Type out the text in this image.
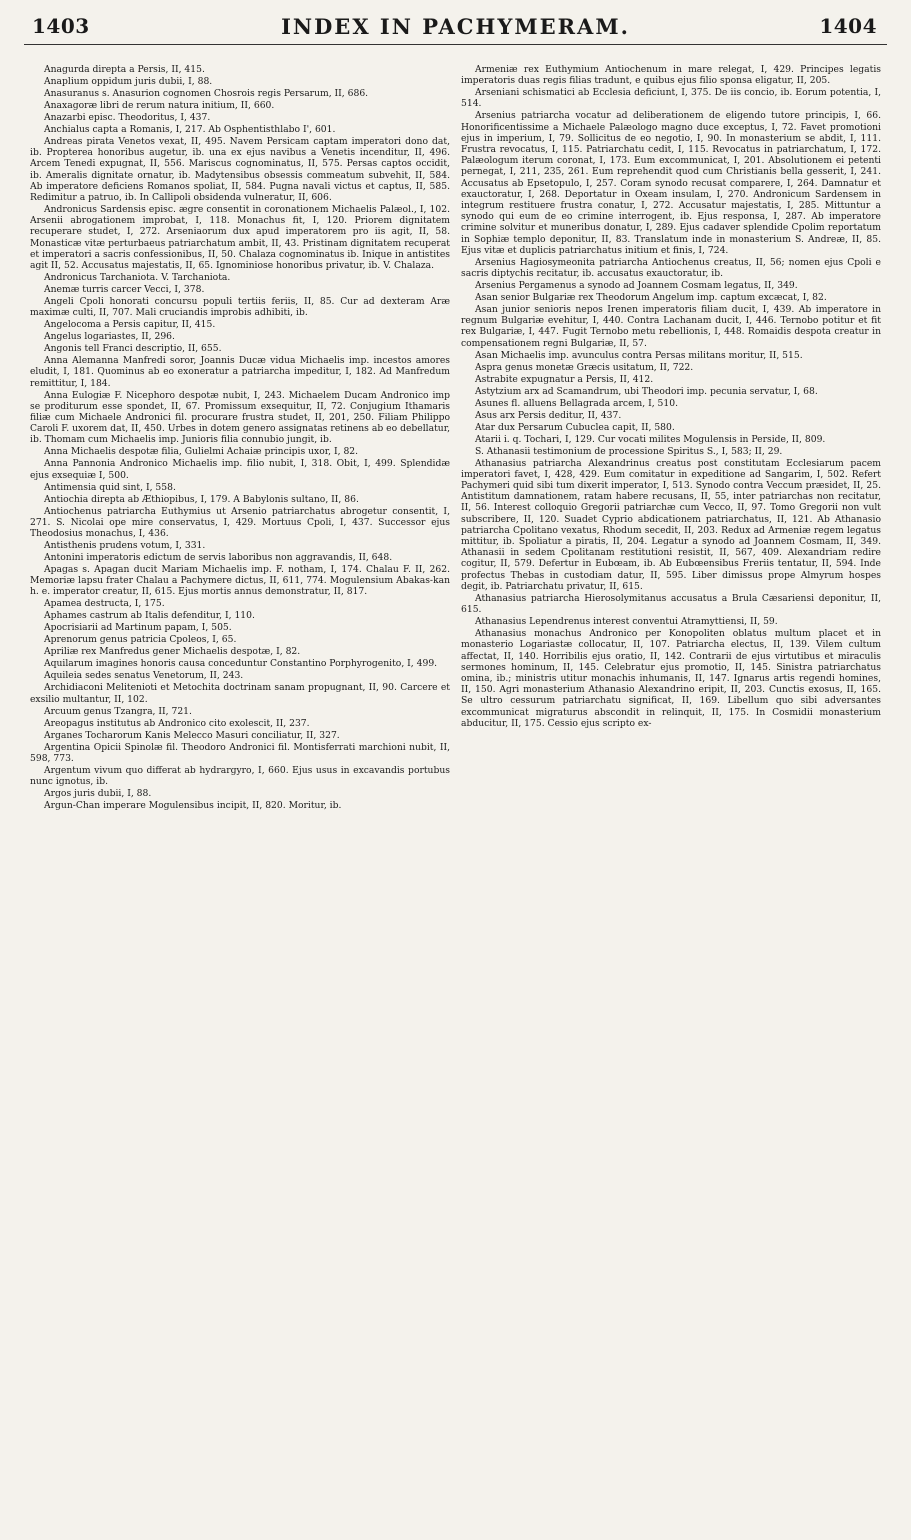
1403	INDEX IN PACHYMERAM.	1404

Anagurda direpta a Persis, II, 415.

Anaplium oppidum juris dubii, I, 88.

Anasuranus s. Anasurion cognomen Chosrois regis Persarum, II, 686.

Anaxagoræ libri de rerum natura initium, II, 660.

Anazarbi episc. Theodoritus, I, 437.

Anchialus capta a Romanis, I, 217. Ab Osphentisthlabo I', 601.

Andreas pirata Venetos vexat, II, 495. Navem Persicam captam imperatori dono dat, ib. Propterea honoribus augetur, ib. una ex ejus navibus a Venetis incenditur, II, 496. Arcem Tenedi expugnat, II, 556. Mariscus cognominatus, II, 575. Persas captos occidit, ib. Ameralis dignitate ornatur, ib. Madytensibus obsessis commeatum subvehit, II, 584. Ab imperatore deficiens Romanos spoliat, II, 584. Pugna navali victus et captus, II, 585. Redimitur a patruo, ib. In Callipoli obsidenda vulneratur, II, 606.

Andronicus Sardensis episc. ægre consentit in coronationem Michaelis Palæol., I, 102. Arsenii abrogationem improbat, I, 118. Monachus fit, I, 120. Priorem dignitatem recuperare studet, I, 272. Arseniaorum dux apud imperatorem pro iis agit, II, 58. Monasticæ vitæ perturbaeus patriarchatum ambit, II, 43. Pristinam dignitatem recuperat et imperatori a sacris confessionibus, II, 50. Chalaza cognominatus ib. Inique in antistites agit II, 52. Accusatus majestatis, II, 65. Ignominiose honoribus privatur, ib. V. Chalaza.

Andronicus Tarchaniota. V. Tarchaniota.

Anemæ turris carcer Vecci, I, 378.

Angeli Cpoli honorati concursu populi tertiis feriis, II, 85. Cur ad dexteram Aræ maximæ culti, II, 707. Mali cruciandis improbis adhibiti, ib.

Angelocoma a Persis capitur, II, 415.

Angelus logariastes, II, 296.

Angonis tell Franci descriptio, II, 655.

Anna Alemanna Manfredi soror, Joannis Ducæ vidua Michaelis imp. incestos amores eludit, I, 181. Quominus ab eo exoneratur a patriarcha impeditur, I, 182. Ad Manfredum remittitur, I, 184.

Anna Eulogiæ F. Nicephoro despotæ nubit, I, 243. Michaelem Ducam Andronico imp se proditurum esse spondet, II, 67. Promissum exsequitur, II, 72. Conjugium Ithamaris filiæ cum Michaele Andronici fil. procurare frustra studet, II, 201, 250. Filiam Philippo Caroli F. uxorem dat, II, 450. Urbes in dotem genero assignatas retinens ab eo debellatur, ib. Thomam cum Michaelis imp. Junioris filia connubio jungit, ib.

Anna Michaelis despotæ filia, Gulielmi Achaiæ principis uxor, I, 82.

Anna Pannonia Andronico Michaelis imp. filio nubit, I, 318. Obit, I, 499. Splendidæ ejus exsequiæ I, 500.

Antimensia quid sint, I, 558.

Antiochia direpta ab Æthiopibus, I, 179. A Babylonis sultano, II, 86.

Antiochenus patriarcha Euthymius ut Arsenio patriarchatus abrogetur consentit, I, 271. S. Nicolai ope mire conservatus, I, 429. Mortuus Cpoli, I, 437. Successor ejus Theodosius monachus, I, 436.

Antisthenis prudens votum, I, 331.

Antonini imperatoris edictum de servis laboribus non aggravandis, II, 648.

Apagas s. Apagan ducit Mariam Michaelis imp. F. notham, I, 174. Chalau F. II, 262. Memoriæ lapsu frater Chalau a Pachymere dictus, II, 611, 774. Mogulensium Abakas-kan h. e. imperator creatur, II, 615. Ejus mortis annus demonstratur, II, 817.

Apamea destructa, I, 175.

Aphames castrum ab Italis defenditur, I, 110.

Apocrisiarii ad Martinum papam, I, 505.

Aprenorum genus patricia Cpoleos, I, 65.

Apriliæ rex Manfredus gener Michaelis despotæ, I, 82.

Aquilarum imagines honoris causa conceduntur Constantino Porphyrogenito, I, 499.

Aquileia sedes senatus Venetorum, II, 243.

Archidiaconi Melitenioti et Metochita doctrinam sanam propugnant, II, 90. Carcere et exsilio multantur, II, 102.

Arcuum genus Tzangra, II, 721.

Areopagus institutus ab Andronico cito exolescit, II, 237.

Arganes Tocharorum Kanis Melecco Masuri conciliatur, II, 327.

Argentina Opicii Spinolæ fil. Theodoro Andronici fil. Montisferrati marchioni nubit, II, 598, 773.

Argentum vivum quo differat ab hydrargyro, I, 660. Ejus usus in excavandis portubus nunc ignotus, ib.

Argos juris dubii, I, 88.

Argun-Chan imperare Mogulensibus incipit, II, 820. Moritur, ib.

Armeniæ rex Euthymium Antiochenum in mare relegat, I, 429. Principes legatis imperatoris duas regis filias tradunt, e quibus ejus filio sponsa eligatur, II, 205.

Arseniani schismatici ab Ecclesia deficiunt, I, 375. De iis concio, ib. Eorum potentia, I, 514.

Arsenius patriarcha vocatur ad deliberationem de eligendo tutore principis, I, 66. Honorificentissime a Michaele Palæologo magno duce exceptus, I, 72. Favet promotioni ejus in imperium, I, 79. Sollicitus de eo negotio, I, 90. In monasterium se abdit, I, 111. Frustra revocatus, I, 115. Patriarchatu cedit, I, 115. Revocatus in patriarchatum, I, 172. Palæologum iterum coronat, I, 173. Eum excommunicat, I, 201. Absolutionem ei petenti pernegat, I, 211, 235, 261. Eum reprehendit quod cum Christianis bella gesserit, I, 241. Accusatus ab Epsetopulo, I, 257. Coram synodo recusat comparere, I, 264. Damnatur et exauctoratur, I, 268. Deportatur in Oxeam insulam, I, 270. Andronicum Sardensem in integrum restituere frustra conatur, I, 272. Accusatur majestatis, I, 285. Mittuntur a synodo qui eum de eo crimine interrogent, ib. Ejus responsa, I, 287. Ab imperatore crimine solvitur et muneribus donatur, I, 289. Ejus cadaver splendide Cpolim reportatum in Sophiæ templo deponitur, II, 83. Translatum inde in monasterium S. Andreæ, II, 85. Ejus vitæ et duplicis patriarchatus initium et finis, I, 724.

Arsenius Hagiosymeonita patriarcha Antiochenus creatus, II, 56; nomen ejus Cpoli e sacris diptychis recitatur, ib. accusatus exauctoratur, ib.

Arsenius Pergamenus a synodo ad Joannem Cosmam legatus, II, 349.

Asan senior Bulgariæ rex Theodorum Angelum imp. captum excæcat, I, 82.

Asan junior senioris nepos Irenen imperatoris filiam ducit, I, 439. Ab imperatore in regnum Bulgariæ evehitur, I, 440. Contra Lachanam ducit, I, 446. Ternobo potitur et fit rex Bulgariæ, I, 447. Fugit Ternobo metu rebellionis, I, 448. Romaidis despota creatur in compensationem regni Bulgariæ, II, 57.

Asan Michaelis imp. avunculus contra Persas militans moritur, II, 515.

Aspra genus monetæ Græcis usitatum, II, 722.

Astrabite expugnatur a Persis, II, 412.

Astytzium arx ad Scamandrum, ubi Theodori imp. pecunia servatur, I, 68.

Asunes fl. alluens Bellagrada arcem, I, 510.

Asus arx Persis deditur, II, 437.

Atar dux Persarum Cubuclea capit, II, 580.

Atarii i. q. Tochari, I, 129. Cur vocati milites Mogulensis in Perside, II, 809.

S. Athanasii testimonium de processione Spiritus S., I, 583; II, 29.

Athanasius patriarcha Alexandrinus creatus post constitutam Ecclesiarum pacem imperatori favet, I, 428, 429. Eum comitatur in expeditione ad Sangarim, I, 502. Refert Pachymeri quid sibi tum dixerit imperator, I, 513. Synodo contra Veccum præsidet, II, 25. Antistitum damnationem, ratam habere recusans, II, 55, inter patriarchas non recitatur, II, 56. Interest colloquio Gregorii patriarchæ cum Vecco, II, 97. Tomo Gregorii non vult subscribere, II, 120. Suadet Cyprio abdicationem patriarchatus, II, 121. Ab Athanasio patriarcha Cpolitano vexatus, Rhodum secedit, II, 203. Redux ad Armeniæ regem legatus mittitur, ib. Spoliatur a piratis, II, 204. Legatur a synodo ad Joannem Cosmam, II, 349. Athanasii in sedem Cpolitanam restitutioni resistit, II, 567, 409. Alexandriam redire cogitur, II, 579. Defertur in Eubœam, ib. Ab Eubœensibus Freriis tentatur, II, 594. Inde profectus Thebas in custodiam datur, II, 595. Liber dimissus prope Almyrum hospes degit, ib. Patriarchatu privatur, II, 615.

Athanasius patriarcha Hierosolymitanus accusatus a Brula Cæsariensi deponitur, II, 615.

Athanasius Lependrenus interest conventui Atramyttiensi, II, 59.

Athanasius monachus Andronico per Konopoliten oblatus multum placet et in monasterio Logariastæ collocatur, II, 107. Patriarcha electus, II, 139. Vilem cultum affectat, II, 140. Horribilis ejus oratio, II, 142. Contrarii de ejus virtutibus et miraculis sermones hominum, II, 145. Celebratur ejus promotio, II, 145. Sinistra patriarchatus omina, ib.; ministris utitur monachis inhumanis, II, 147. Ignarus artis regendi homines, II, 150. Agri monasterium Athanasio Alexandrino eripit, II, 203. Cunctis exosus, II, 165. Se ultro cessurum patriarchatu significat, II, 169. Libellum quo sibi adversantes excommunicat migraturus abscondit in relinquit, II, 175. In Cosmidii monasterium abducitur, II, 175. Cessio ejus scripto ex-
